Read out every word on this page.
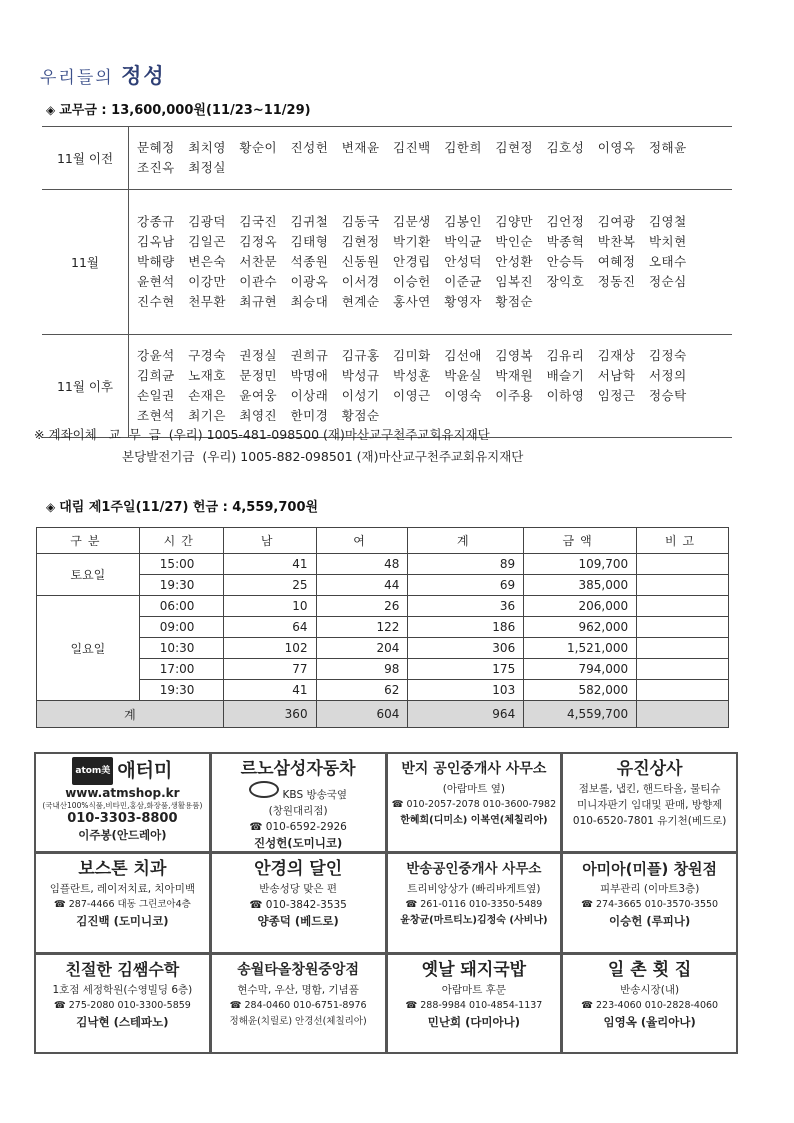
우리들의 정성
◈ 교무금 : 13,600,000원(11/23~11/29)
11월 이전	문혜정 최치영 황순이 진성헌 변재윤 김진백 김한희 김현정 김호성 이영옥 정해윤
조진옥 최정실

11월	강종규 김광덕 김국진 김귀철 김동국 김문생 김봉인 김양만 김언정 김여광 김영철
김옥남 김일곤 김정옥 김태형 김현정 박기환 박익균 박인순 박종혁 박찬복 박치현
박해량 변은숙 서찬문 석종원 신동원 안경립 안성덕 안성환 안승득 여혜정 오태수
윤현석 이강만 이관수 이광옥 이서경 이승헌 이준균 임복진 장익호 정동진 정순심
진수현 천무환 최규현 최승대 현계순 홍사연 황영자 황점순

11월 이후	강윤석 구경숙 권정실 권희규 김규홍 김미화 김선애 김영복 김유리 김재상 김정숙
김희균 노재호 문정민 박명애 박성규 박성훈 박윤실 박재원 배슬기 서남학 서정의
손일권 손재은 윤여웅 이상래 이성기 이영근 이영숙 이주용 이하영 임정근 정승탁
조현석 최기은 최영진 한미경 황점순
※ 계좌이체   교  무  금  (우리) 1005-481-098500 (재)마산교구천주교회유지재단
본당발전기금  (우리) 1005-882-098501 (재)마산교구천주교회유지재단
◈ 대림 제1주일(11/27) 헌금 : 4,559,700원
구분	시간	남	여	계	금액	비고
토요일	15:00	41	48	89	109,700	
	19:30	25	44	69	385,000	
일요일	06:00	10	26	36	206,000	
	09:00	64	122	186	962,000	
	10:30	102	204	306	1,521,000	
	17:00	77	98	175	794,000	
	19:30	41	62	103	582,000	
계		360	604	964	4,559,700	
atom美 애터미
www.atmshop.kr
(국내산100%식품,비타민,홍삼,화장품,생활용품)
010-3303-8800
이주봉(안드레아)
르노삼성자동차
KBS 방송국옆
(창원대리점)
☎ 010-6592-2926
진성헌(도미니코)
반지 공인중개사 사무소
(아람마트 옆)
☎ 010-2057-2078 010-3600-7982
한혜희(디미소) 이복연(체칠리아)
유진상사
점보롤, 냅킨, 핸드타올, 물티슈
미니자판기 임대및 판매, 방향제
010-6520-7801 유기천(베드로)
보스톤 치과
임플란트, 레이저치료, 치아미백
☎ 287-4466 대동 그린코아4층
김진백 (도미니코)
안경의 달인
반송성당 맞은 편
☎ 010-3842-3535
양종덕 (베드로)
반송공인중개사 사무소
트리비앙상가 (빠리바게트옆)
☎ 261-0116 010-3350-5489
윤창균(마르티노)김정숙 (사비나)
아미아(미플) 창원점
피부관리 (이마트3층)
☎ 274-3665 010-3570-3550
이승헌 (루피나)
친절한 김쌤수학
1호점 세정학원(수영빌딩 6층)
☎ 275-2080 010-3300-5859
김낙현 (스테파노)
송월타올창원중앙점
현수막, 우산, 명함, 기념품
☎ 284-0460 010-6751-8976
정해윤(치릴로) 안경선(체칠리아)
옛날 돼지국밥
아람마트 후문
☎ 288-9984 010-4854-1137
민난희 (다미아나)
일 촌 횟 집
반송시장(내)
☎ 223-4060 010-2828-4060
임영옥 (율리아나)
